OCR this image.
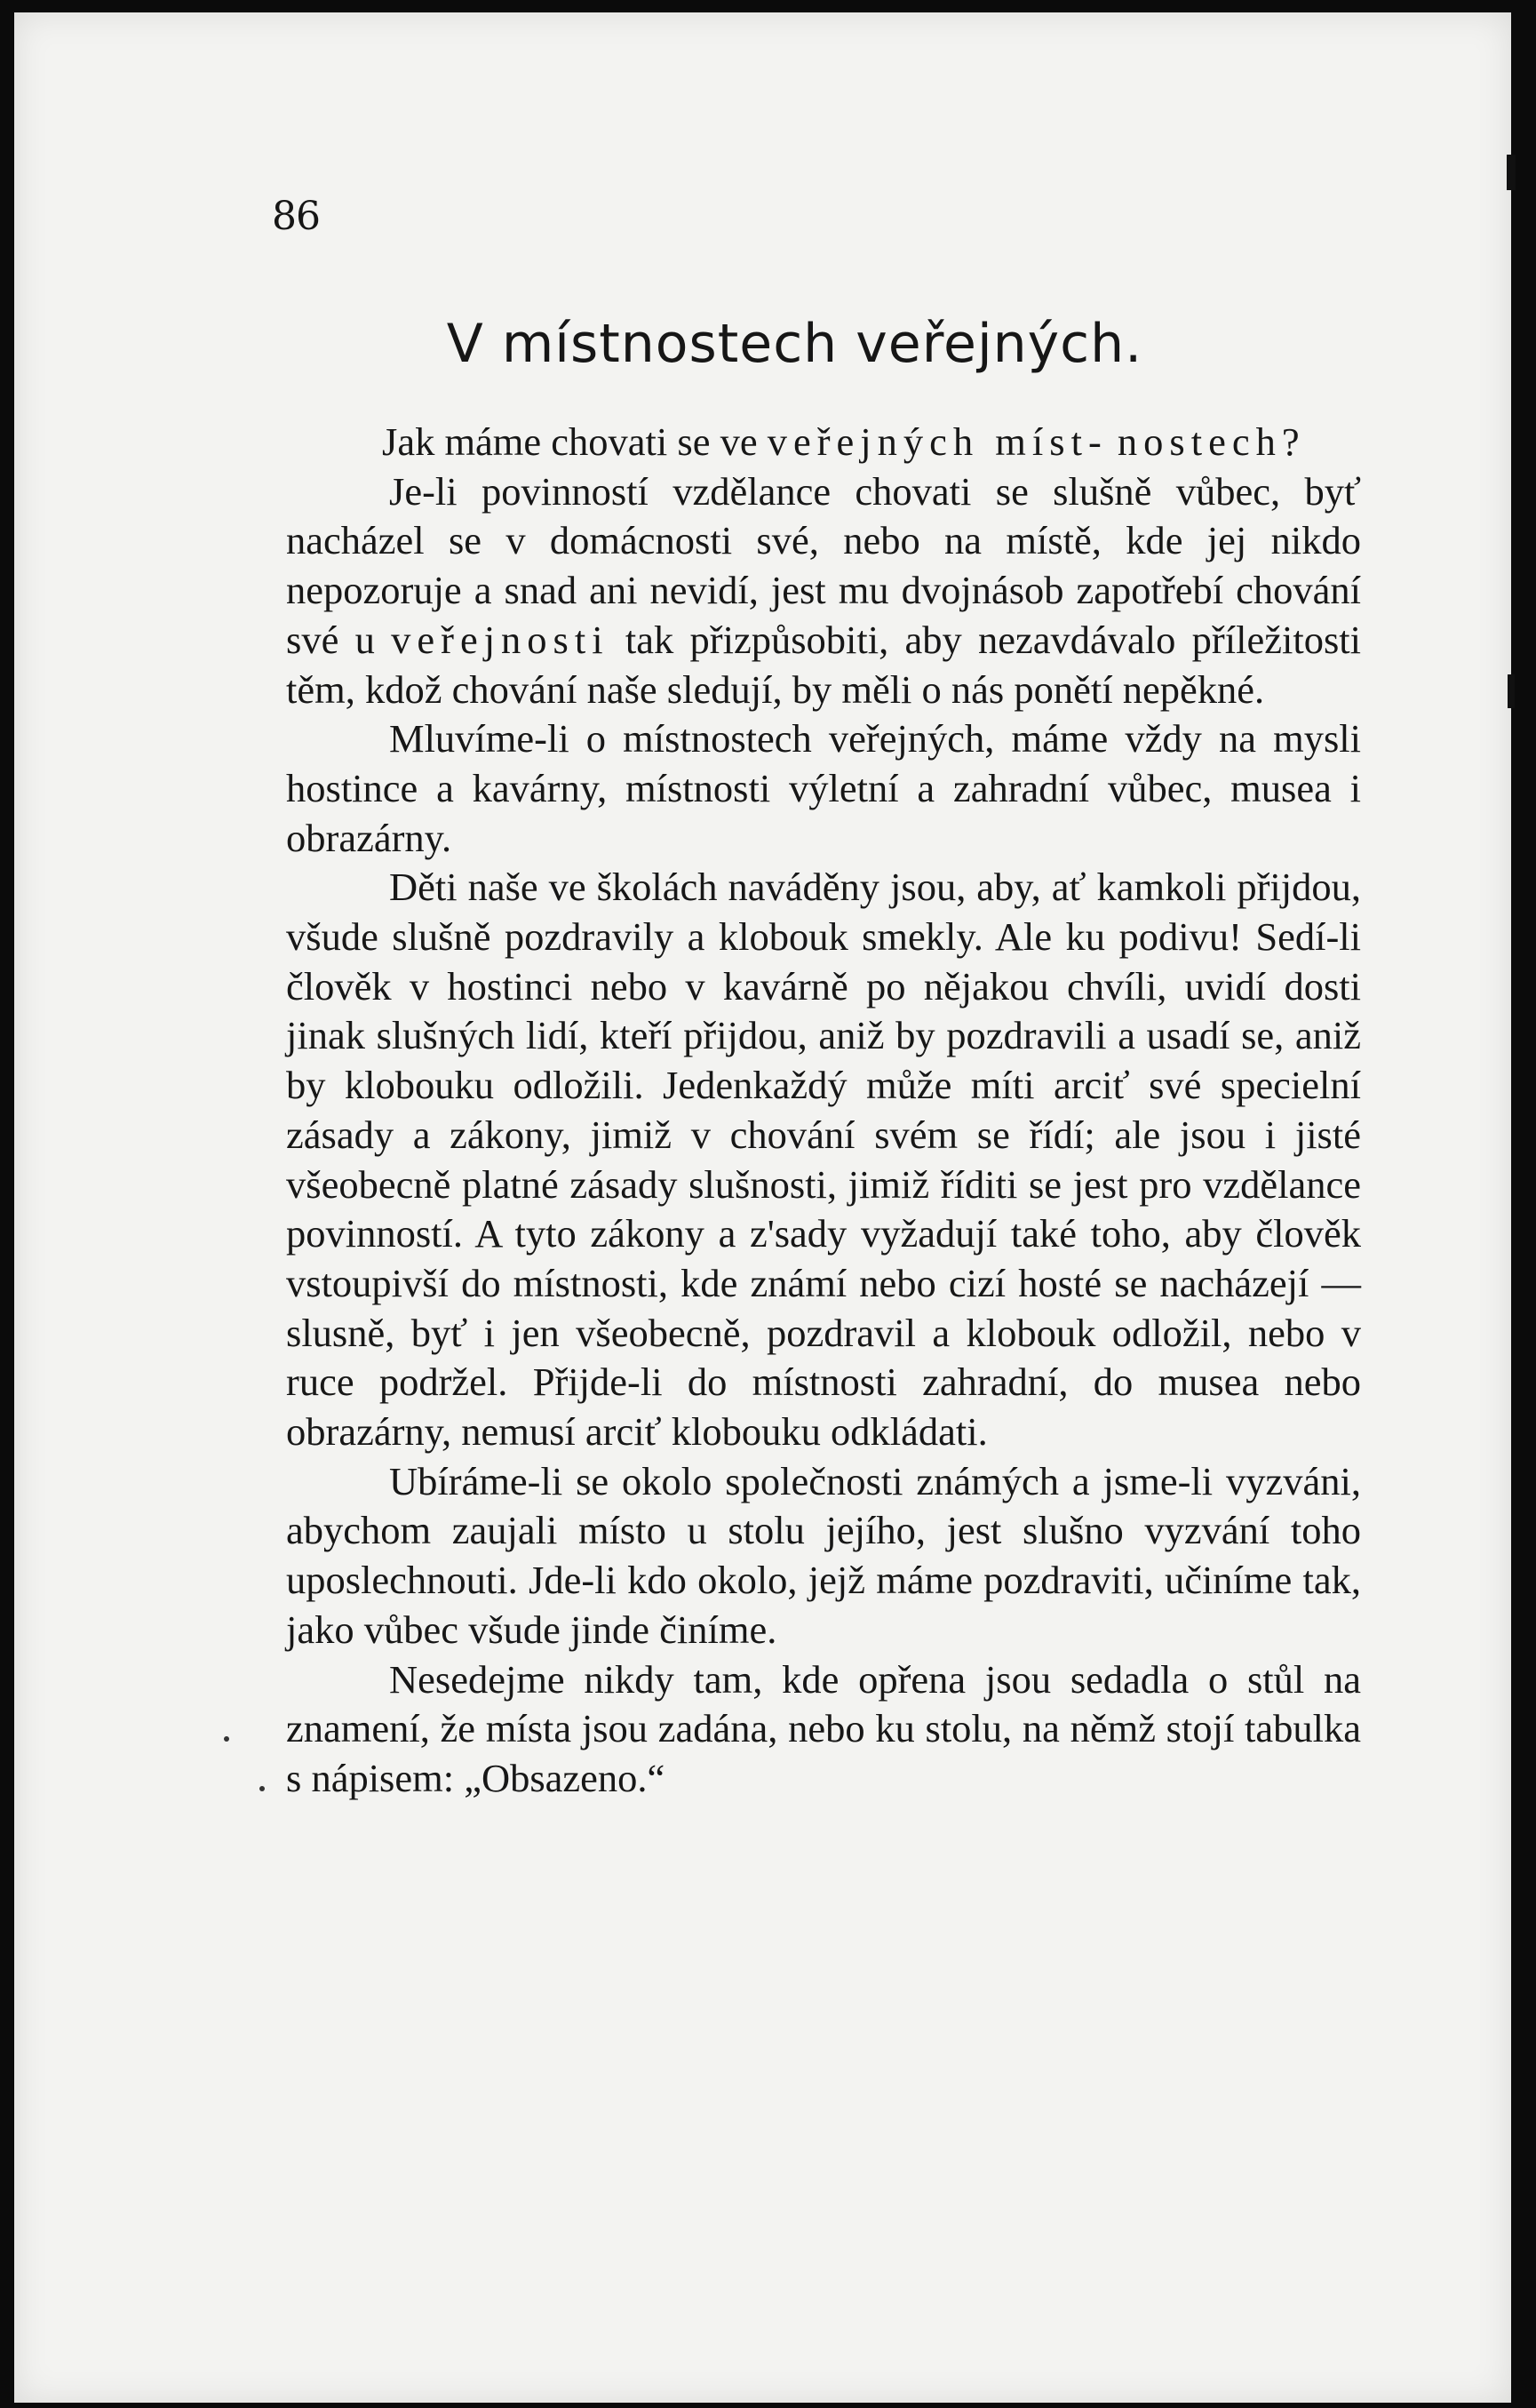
86
V místnostech veřejných.

Jak máme chovati se ve veřejných míst- nostech?

Je-li povinností vzdělance chovati se slušně vůbec, byť nacházel se v domácnosti své, nebo na místě, kde jej nikdo nepozoruje a snad ani nevidí, jest mu dvojnásob zapotřebí chování své u veřejnosti tak přizpůsobiti, aby nezavdávalo příležitosti těm, kdož chování naše sledují, by měli o nás ponětí nepěkné.

Mluvíme-li o místnostech veřejných, máme vždy na mysli hostince a kavárny, místnosti výletní a zahradní vůbec, musea i obrazárny.

Děti naše ve školách naváděny jsou, aby, ať kamkoli přijdou, všude slušně pozdravily a klobouk smekly. Ale ku podivu! Sedí-li člověk v hostinci nebo v kavárně po nějakou chvíli, uvidí dosti jinak slušných lidí, kteří přijdou, aniž by pozdravili a usadí se, aniž by klobouku odložili. Jedenkaždý může míti arciť své specielní zásady a zákony, jimiž v chování svém se řídí; ale jsou i jisté všeobecně platné zásady slušnosti, jimiž říditi se jest pro vzdělance povinností. A tyto zákony a z'sady vyžadují také toho, aby člověk vstoupivší do místnosti, kde známí nebo cizí hosté se nacházejí — slusně, byť i jen všeobecně, pozdravil a klobouk odložil, nebo v ruce podržel. Přijde-li do místnosti zahradní, do musea nebo obrazárny, nemusí arciť klobouku odkládati.

Ubíráme-li se okolo společnosti známých a jsme-li vyzváni, abychom zaujali místo u stolu jejího, jest slušno vyzvání toho uposlechnouti. Jde-li kdo okolo, jejž máme pozdraviti, učiníme tak, jako vůbec všude jinde činíme.

Nesedejme nikdy tam, kde opřena jsou sedadla o stůl na znamení, že místa jsou zadána, nebo ku stolu, na němž stojí tabulka s nápisem: „Obsazeno.“
